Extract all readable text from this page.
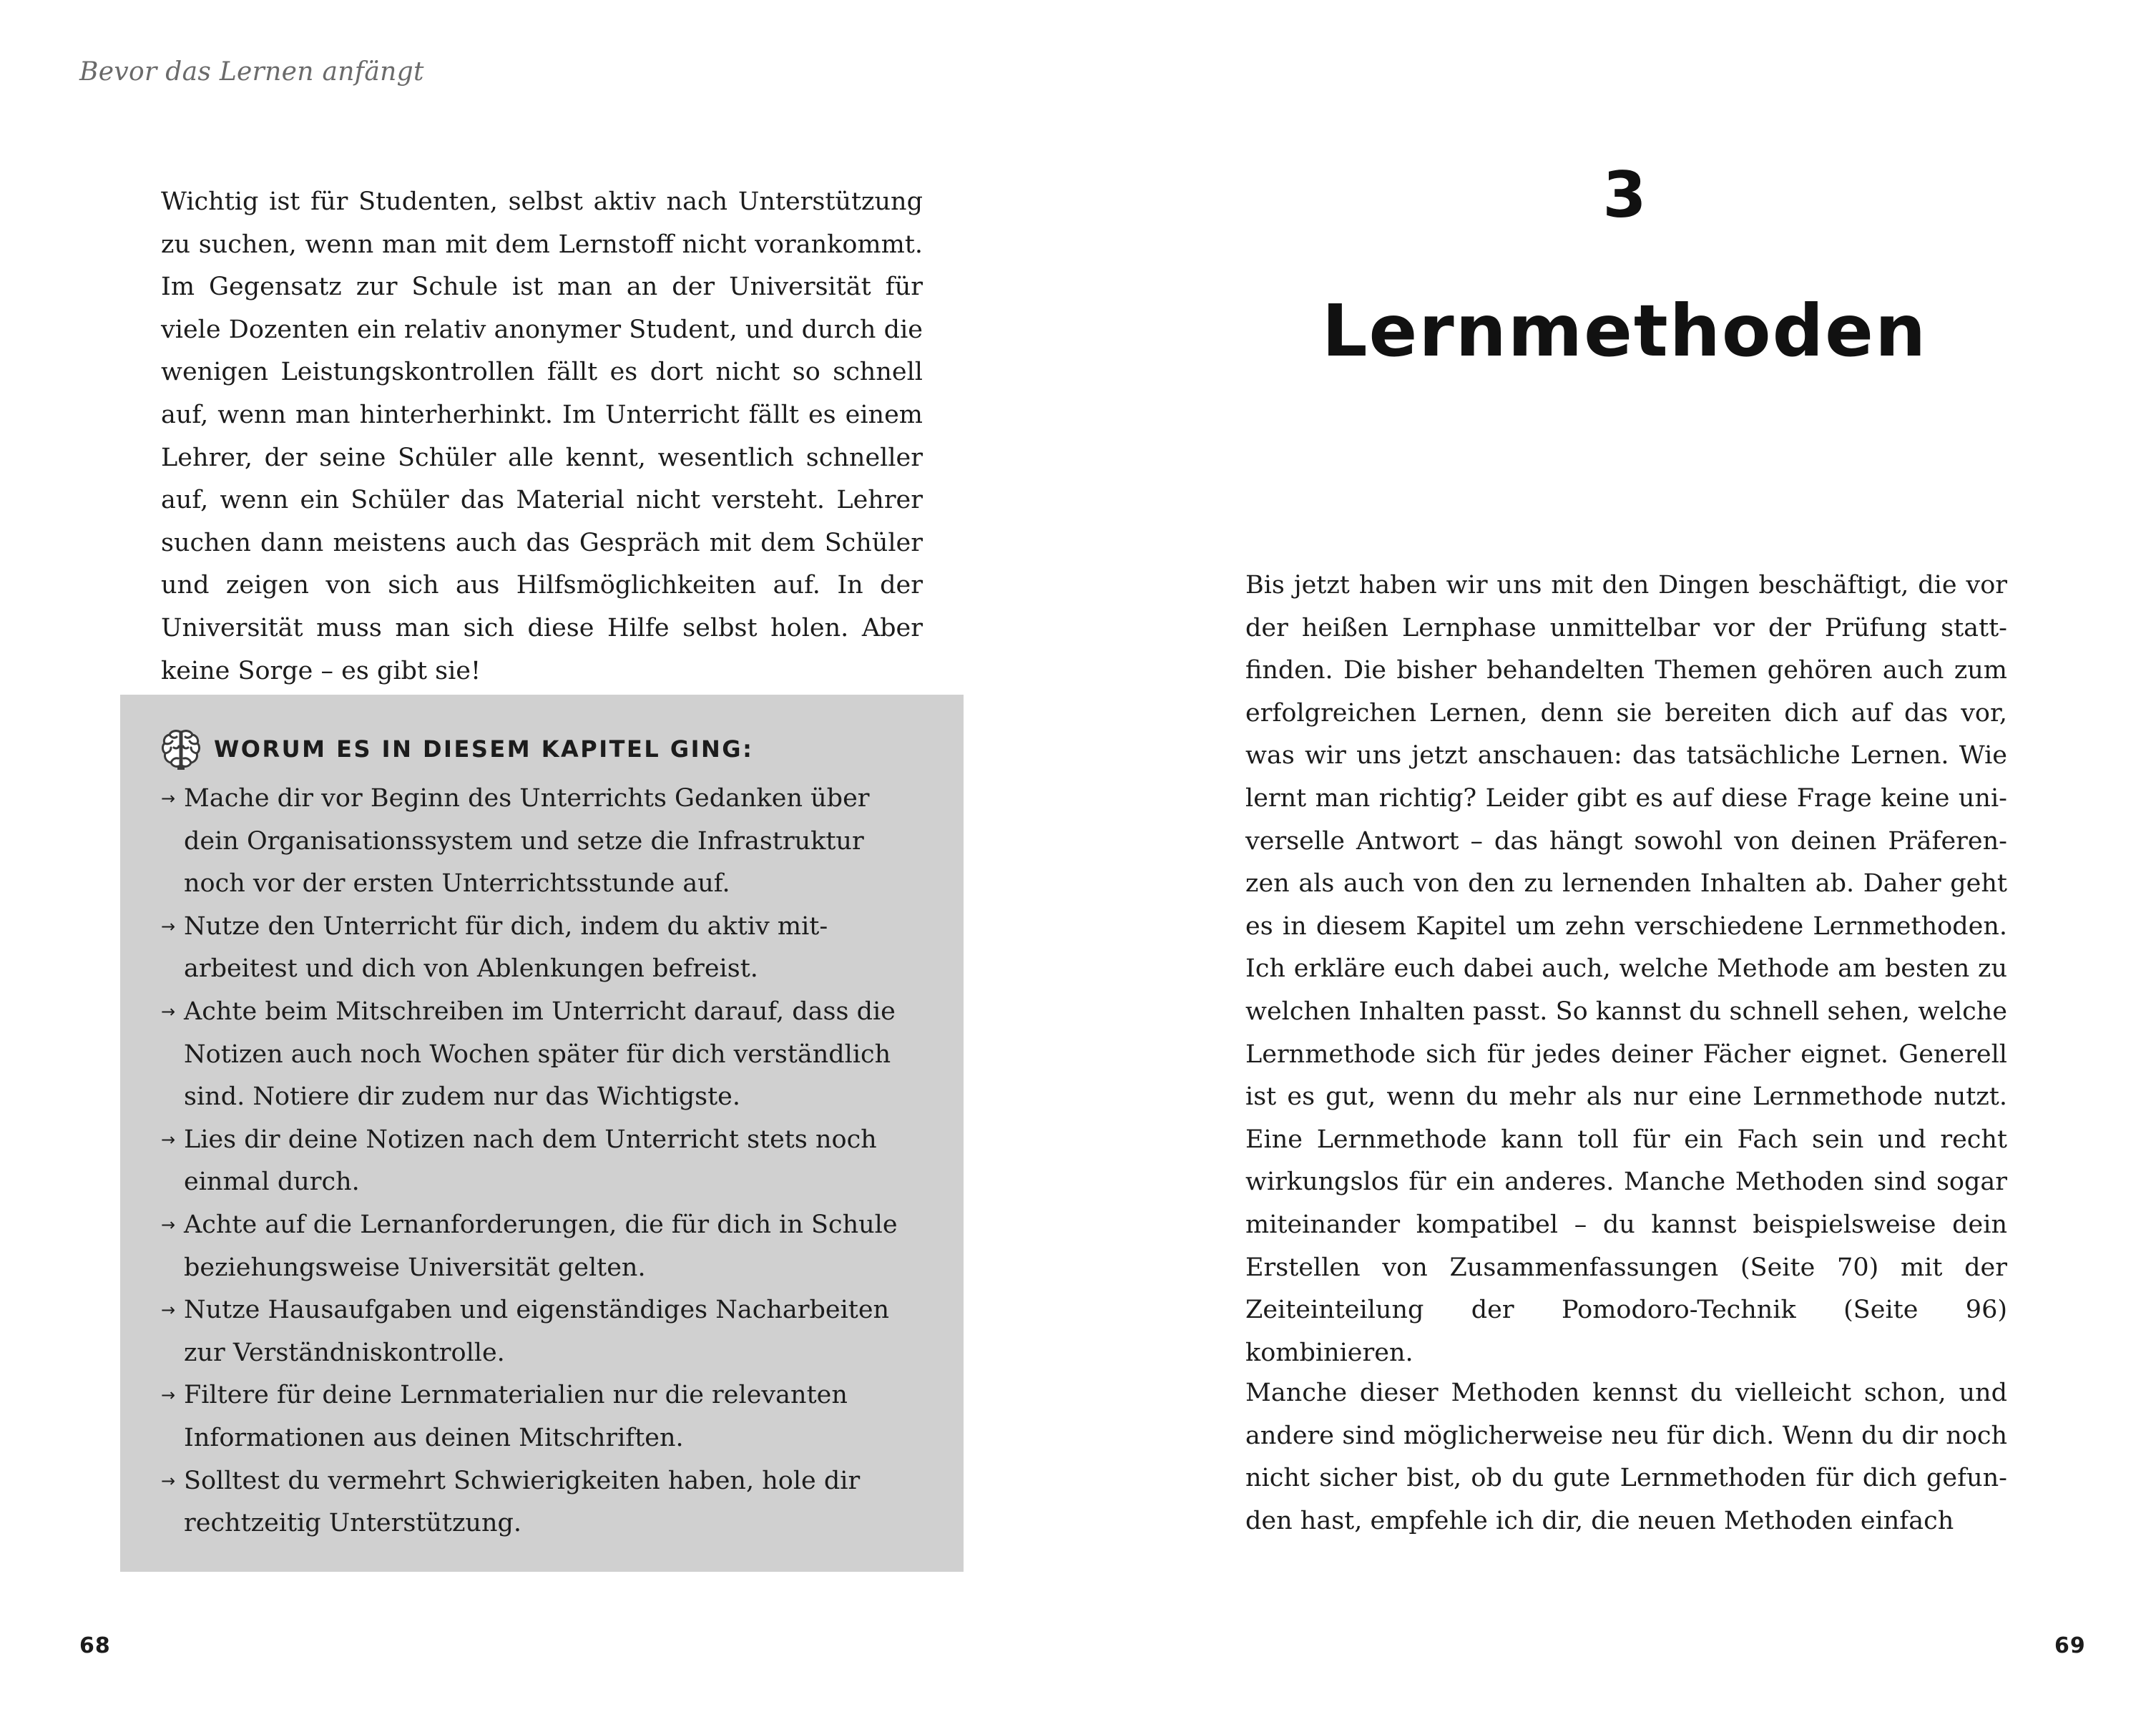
Bevor das Lernen anfängt

Wichtig ist für Studenten, selbst aktiv nach Unterstützung zu suchen, wenn man mit dem Lernstoff nicht vorankommt. Im Gegensatz zur Schule ist man an der Universität für viele Dozenten ein relativ anonymer Student, und durch die wenigen Leistungskontrollen fällt es dort nicht so schnell auf, wenn man hinterherhinkt. Im Unterricht fällt es einem Lehrer, der seine Schüler alle kennt, wesentlich schneller auf, wenn ein Schüler das Material nicht versteht. Lehrer suchen dann meistens auch das Gespräch mit dem Schüler und zeigen von sich aus Hilfsmöglichkeiten auf. In der Universität muss man sich diese Hilfe selbst holen. Aber keine Sorge – es gibt sie!

WORUM ES IN DIESEM KAPITEL GING:
→ Mache dir vor Beginn des Unterrichts Gedanken über dein Organisationssystem und setze die Infrastruktur noch vor der ersten Unterrichtsstunde auf.
→ Nutze den Unterricht für dich, indem du aktiv mitarbeitest und dich von Ablenkungen befreist.
→ Achte beim Mitschreiben im Unterricht darauf, dass die Notizen auch noch Wochen später für dich verständlich sind. Notiere dir zudem nur das Wichtigste.
→ Lies dir deine Notizen nach dem Unterricht stets noch einmal durch.
→ Achte auf die Lernanforderungen, die für dich in Schule beziehungsweise Universität gelten.
→ Nutze Hausaufgaben und eigenständiges Nacharbeiten zur Verständniskontrolle.
→ Filtere für deine Lernmaterialien nur die relevanten Informationen aus deinen Mitschriften.
→ Solltest du vermehrt Schwierigkeiten haben, hole dir rechtzeitig Unterstützung.
68
3
Lernmethoden

Bis jetzt haben wir uns mit den Dingen beschäftigt, die vor der heißen Lernphase unmittelbar vor der Prüfung stattfinden. Die bisher behandelten Themen gehören auch zum erfolgreichen Lernen, denn sie bereiten dich auf das vor, was wir uns jetzt anschauen: das tatsächliche Lernen. Wie lernt man richtig? Leider gibt es auf diese Frage keine universelle Antwort – das hängt sowohl von deinen Präferenzen als auch von den zu lernenden Inhalten ab. Daher geht es in diesem Kapitel um zehn verschiedene Lernmethoden. Ich erkläre euch dabei auch, welche Methode am besten zu welchen Inhalten passt. So kannst du schnell sehen, welche Lernmethode sich für jedes deiner Fächer eignet. Generell ist es gut, wenn du mehr als nur eine Lernmethode nutzt. Eine Lernmethode kann toll für ein Fach sein und recht wirkungslos für ein anderes. Manche Methoden sind sogar miteinander kompatibel – du kannst beispielsweise dein Erstellen von Zusammenfassungen (Seite 70) mit der Zeiteinteilung der Pomodoro-Technik (Seite 96) kombinieren.

Manche dieser Methoden kennst du vielleicht schon, und andere sind möglicherweise neu für dich. Wenn du dir noch nicht sicher bist, ob du gute Lernmethoden für dich gefunden hast, empfehle ich dir, die neuen Methoden einfach

69
